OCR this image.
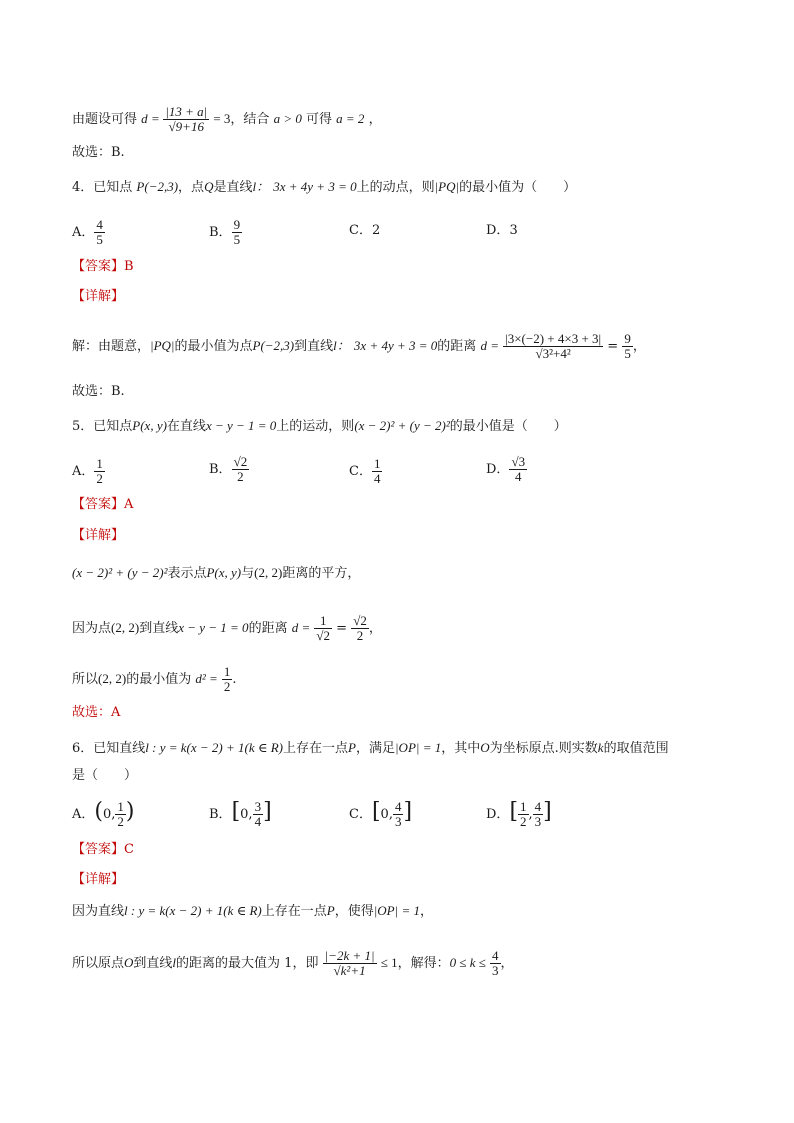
由题设可得 $d = \frac{|13 + a|}{√9+16} = 3$，结合 a > 0 可得 a = 2 ，
故选：B.
4．已知点 P(−2,3)，点Q是直线l： 3x + 4y + 3 = 0上的动点，则|PQ|的最小值为（　　）
A． $\frac{4}{5}$	B． $\frac{9}{5}$	C．2	D．3
【答案】B
【详解】
解：由题意，|PQ|的最小值为点P(−2,3)到直线l： 3x + 4y + 3 = 0的距离 $d = \frac{|3\times(-2) + 4\times 3 + 3|}{\text{√3²+4²}} = \frac{9}{5}$ ，
故选：B.
5．已知点P(x, y)在直线x − y − 1 = 0上的运动，则(x − 2)² + (y − 2)²的最小值是（　　）
A． $\frac{1}{2}$	B． $\frac{√2}{2}$	C． $\frac{1}{4}$	D． $\frac{√3}{4}$
【答案】A
【详解】
(x − 2)² + (y − 2)²表示点P(x, y)与(2, 2)距离的平方，
因为点(2, 2)到直线x − y − 1 = 0的距离 $d = \frac{1}{√2} = \frac{√2}{2}$ ，
所以(2, 2)的最小值为 $d^2 = \frac{1}{2}$ .
故选：A
6．已知直线l : y = k(x − 2) + 1(k ∈ R)上存在一点P，满足|OP| = 1，其中O为坐标原点.则实数k的取值范围
是（　　）
A．(0, $\frac{1}{2}$ )	B．[0, $\frac{3}{4}$ ]	C．[0, $\frac{4}{3}$ ]	D．[ $\frac{1}{2}$ , $\frac{4}{3}$ ]
【答案】C
【详解】
因为直线l : y = k(x − 2) + 1(k ∈ R)上存在一点P，使得|OP| = 1，
所以原点O到直线l的距离的最大值为 1，即 $\frac{|-2k + 1|}{\text{√k²+1}} \le 1$，解得：$0 \le k \le \frac{4}{3}$ ，
